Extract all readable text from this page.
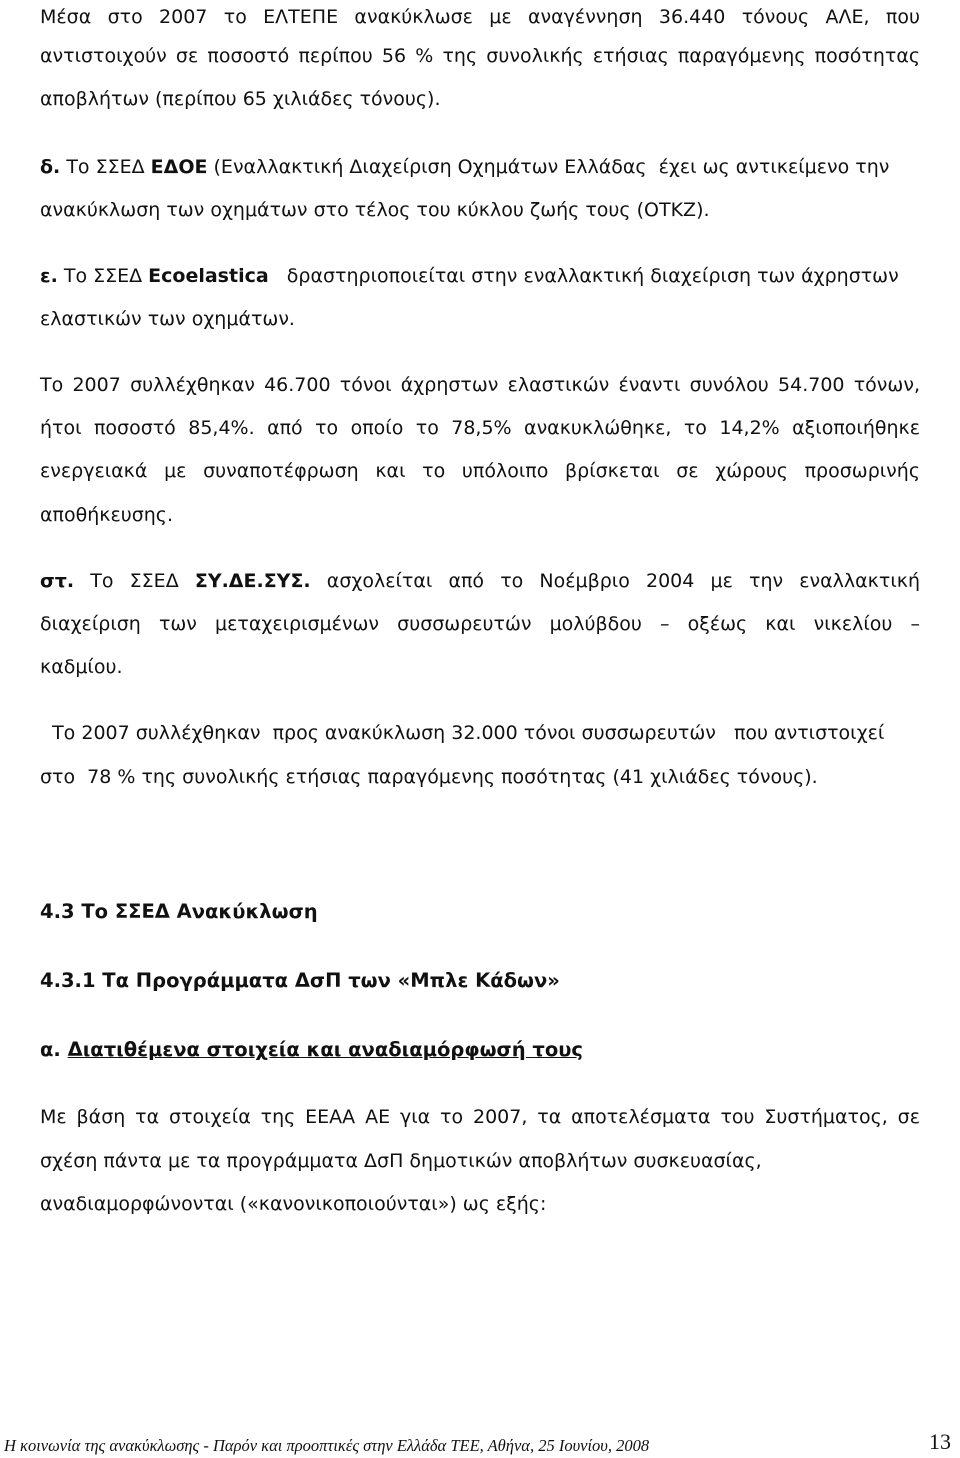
Μέσα στο 2007 το ΕΛΤΕΠΕ ανακύκλωσε με αναγέννηση 36.440 τόνους ΑΛΕ, που
αντιστοιχούν σε ποσοστό περίπου 56 % της συνολικής ετήσιας παραγόμενης ποσότητας
αποβλήτων (περίπου 65 χιλιάδες τόνους).
δ. Το ΣΣΕΔ ΕΔΟΕ (Εναλλακτική Διαχείριση Οχημάτων Ελλάδας  έχει ως αντικείμενο την
ανακύκλωση των οχημάτων στο τέλος του κύκλου ζωής τους (ΟΤΚΖ).
ε. Το ΣΣΕΔ Ecoelastica   δραστηριοποιείται στην εναλλακτική διαχείριση των άχρηστων
ελαστικών των οχημάτων.
Το 2007 συλλέχθηκαν 46.700 τόνοι άχρηστων ελαστικών έναντι συνόλου 54.700 τόνων,
ήτοι ποσοστό 85,4%. από το οποίο το 78,5% ανακυκλώθηκε, το 14,2% αξιοποιήθηκε
ενεργειακά με συναποτέφρωση και το υπόλοιπο βρίσκεται σε χώρους προσωρινής
αποθήκευσης.
στ. Το ΣΣΕΔ ΣΥ.ΔΕ.ΣΥΣ. ασχολείται από το Νοέμβριο 2004 με την εναλλακτική
διαχείριση των μεταχειρισμένων συσσωρευτών μολύβδου – οξέως και νικελίου –
καδμίου.
Το 2007 συλλέχθηκαν  προς ανακύκλωση 32.000 τόνοι συσσωρευτών   που αντιστοιχεί
στο  78 % της συνολικής ετήσιας παραγόμενης ποσότητας (41 χιλιάδες τόνους).
4.3 Το ΣΣΕΔ Ανακύκλωση
4.3.1 Τα Προγράμματα ΔσΠ των «Μπλε Κάδων»
α. Διατιθέμενα στοιχεία και αναδιαμόρφωσή τους
Με βάση τα στοιχεία της ΕΕΑΑ ΑΕ για το 2007, τα αποτελέσματα του Συστήματος, σε
σχέση πάντα με τα προγράμματα ΔσΠ δημοτικών αποβλήτων συσκευασίας,
αναδιαμορφώνονται («κανονικοποιούνται») ως εξής:
Η κοινωνία της ανακύκλωσης - Παρόν και προοπτικές στην Ελλάδα ΤΕΕ, Αθήνα, 25 Ιουνίου, 2008	13
